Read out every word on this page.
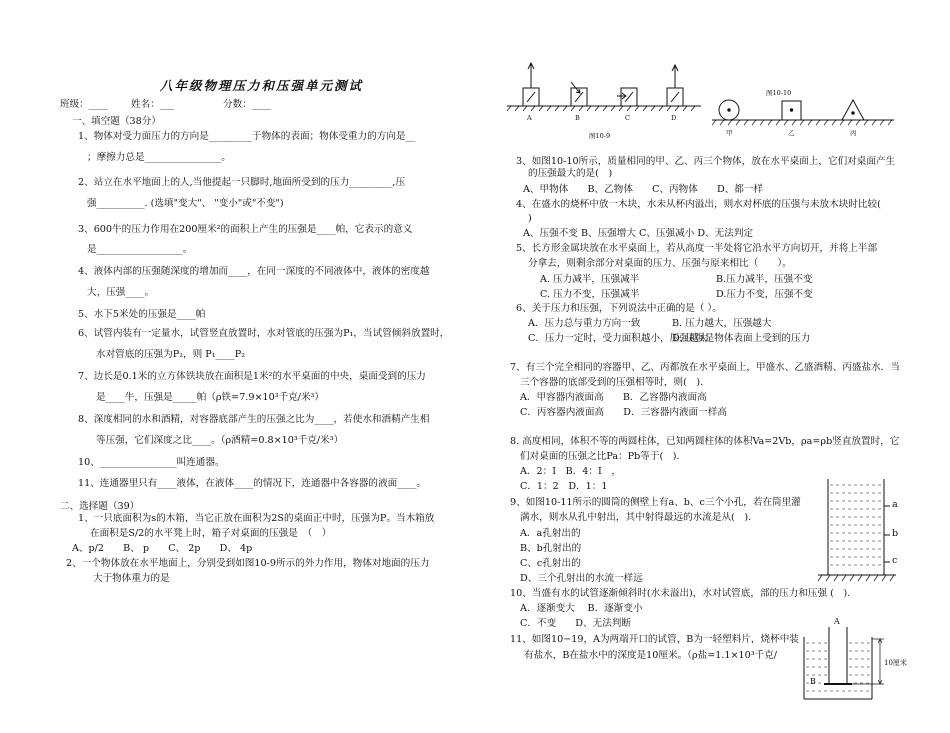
八年级物理压力和压强单元测试
班级：____ 姓名：___	分数：____
一、填空题（38分）
1、物体对受力面压力的方向是_________于物体的表面；物体受重力的方向是__
；摩擦力总是________________。
2、站立在水平地面上的人,当他提起一只脚时,地面所受到的压力_________,压
强__________. (选填"变大"、 "变小"或"不变")
3、600牛的压力作用在200厘米²的面积上产生的压强是____帕，它表示的意义
是__________________。
4、液体内部的压强随深度的增加而____，在同一深度的不同液体中，液体的密度越
大，压强____。
5、水下5米处的压强是____帕
6、试管内装有一定量水，试管竖直放置时，水对管底的压强为P₁，当试管倾斜放置时，
水对管底的压强为P₂，则 P₁____P₂
7、边长是0.1米的立方体铁块放在面积是1米²的水平桌面的中央，桌面受到的压力
是____牛，压强是_____帕（ρ铁=7.9×10³千克/米³）
8、深度相同的水和酒精，对容器底部产生的压强之比为____，若使水和酒精产生相
等压强，它们深度之比____。（ρ酒精=0.8×10³千克/米³）
10、________________叫连通器。
11、连通器里只有____液体，在液体____的情况下，连通器中各容器的液面____。
二、选择题（39）
1、一只底面积为s的木箱，当它正放在面积为2S的桌面正中时，压强为P。当木箱放
在面积是S/2的水平凳上时，箱子对桌面的压强是　（　）
A、p/2　　B、 p　　C、 2p　　D、 4p
2、一个物体放在水平地面上，分别受到如图10-9所示的外力作用，物体对地面的压力
大于物体重力的是
A	B	C	D
图10-9	甲	乙	丙
图10-10
3、如图10-10所示，质量相同的甲、乙、丙三个物体，放在水平桌面上，它们对桌面产生
的压强最大的是(　)
A、甲物体　　B、乙物体　　C、丙物体　　D、都一样
4、在盛水的烧杯中放一木块，水未从杯内溢出，则水对杯底的压强与未放木块时比较(
)
A、压强不变 B、压强增大 C、压强减小 D、无法判定
5、长方形金属块放在水平桌面上，若从高度一半处将它沿水平方向切开，并将上半部
分拿去，则剩余部分对桌面的压力、压强与原来相比（　　）。
A. 压力减半，压强减半	B.压力减半，压强不变
C. 压力不变，压强减半	D.压力不变，压强不变
6、关于压力和压强，下列说法中正确的是（ ）。
A．压力总与重力方向一致	B. 压力越大，压强越大
C．压力一定时，受力面积越小，压强越大
D. 压强是物体表面上受到的压力
7、有三个完全相同的容器甲、乙、丙都放在水平桌面上，甲盛水、乙盛酒精、丙盛盐水．当
三个容器的底部受到的压强相等时，则(　).
A．甲容器内液面高　　B．乙容器内液面高
C．丙容器内液面高　　D．三容器内液面一样高
8. 高度相同，体积不等的两圆柱体，已知两圆柱体的体积Va=2Vb，ρa=ρb竖直放置时，它
们对桌面的压强之比Pa：Pb等于(　).
A．2：I　B．4：I　，
C．1：2　D．1：1
9、如图10-11所示的圆筒的侧壁上有a、b、c三个小孔，若在筒里灌
满水，则水从孔中射出，其中射得最远的水流是从(　).
A．a孔射出的
B、b孔射出的
C、c孔射出的
D、三个孔射出的水流一样远
a
b
c
10、当盛有水的试管逐渐倾斜时(水未溢出)，水对试管底，部的压力和压强 (　).
A．逐渐变大　 B．逐渐变小
C．不变　　D、无法判断
11、如图10−19，A为两端开口的试管，B为一轻塑料片，烧杯中装
有盐水，B在盐水中的深度是10厘米。（ρ盐=1.1×10³千克/
A
B
10厘米
